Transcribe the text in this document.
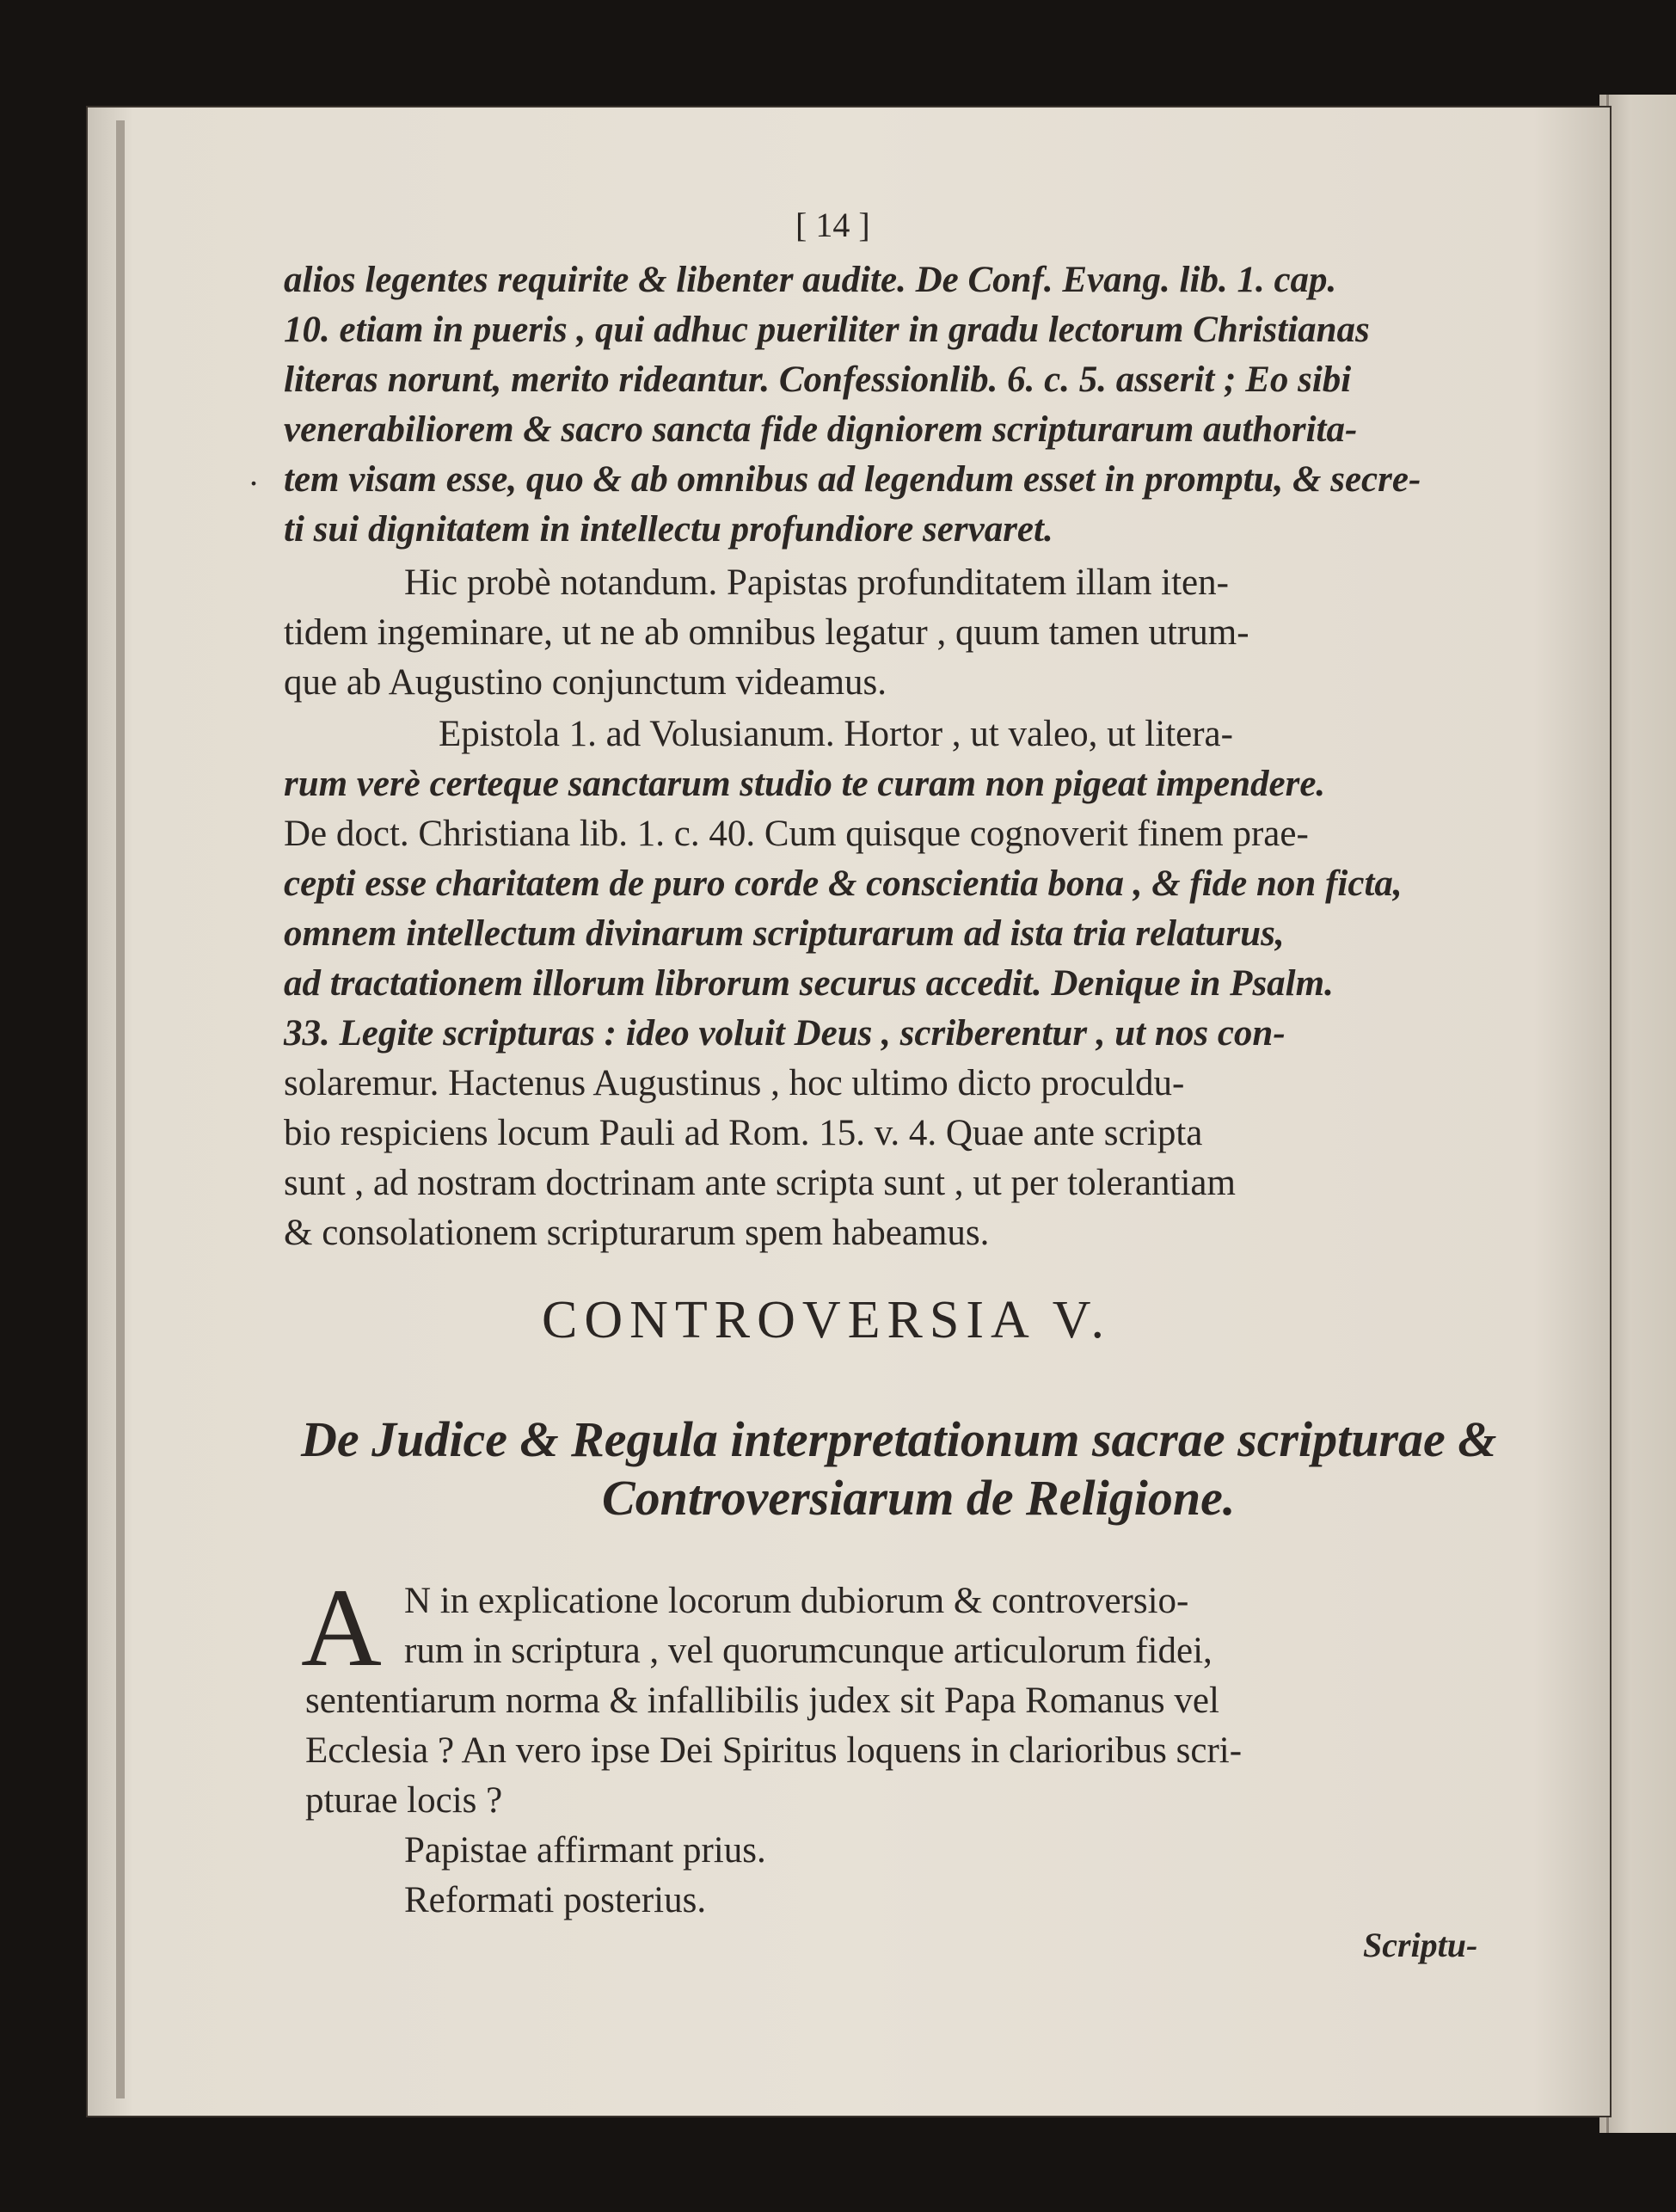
[ 14 ]
.
alios legentes requirite & libenter audite. De Conf. Evang. lib. 1. cap.
10. etiam in pueris , qui adhuc pueriliter in gradu lectorum Christianas
literas norunt, merito rideantur. Confessionlib. 6. c. 5. asserit ; Eo sibi
venerabiliorem & sacro sancta fide digniorem scripturarum authorita-
tem visam esse, quo & ab omnibus ad legendum esset in promptu, & secre-
ti sui dignitatem in intellectu profundiore servaret.
Hic probè notandum. Papistas profunditatem illam iten-
tidem ingeminare, ut ne ab omnibus legatur , quum tamen utrum-
que ab Augustino conjunctum videamus.
Epistola 1. ad Volusianum. Hortor , ut valeo, ut litera-
rum verè certeque sanctarum studio te curam non pigeat impendere.
De doct. Christiana lib. 1. c. 40. Cum quisque cognoverit finem prae-
cepti esse charitatem de puro corde & conscientia bona , & fide non ficta,
omnem intellectum divinarum scripturarum ad ista tria relaturus,
ad tractationem illorum librorum securus accedit. Denique in Psalm.
33. Legite scripturas : ideo voluit Deus , scriberentur , ut nos con-
solaremur. Hactenus Augustinus , hoc ultimo dicto proculdu-
bio respiciens locum Pauli ad Rom. 15. v. 4. Quae ante scripta
sunt , ad nostram doctrinam ante scripta sunt , ut per tolerantiam
& consolationem scripturarum spem habeamus.
CONTROVERSIA V.
De Judice & Regula interpretationum sacrae scripturae &
Controversiarum de Religione.
A N in explicatione locorum dubiorum & controversio-
rum in scriptura , vel quorumcunque articulorum fidei,
sententiarum norma & infallibilis judex sit Papa Romanus vel
Ecclesia ? An vero ipse Dei Spiritus loquens in clarioribus scri-
pturae locis ?
Papistae affirmant prius.
Reformati posterius.
Scriptu-
